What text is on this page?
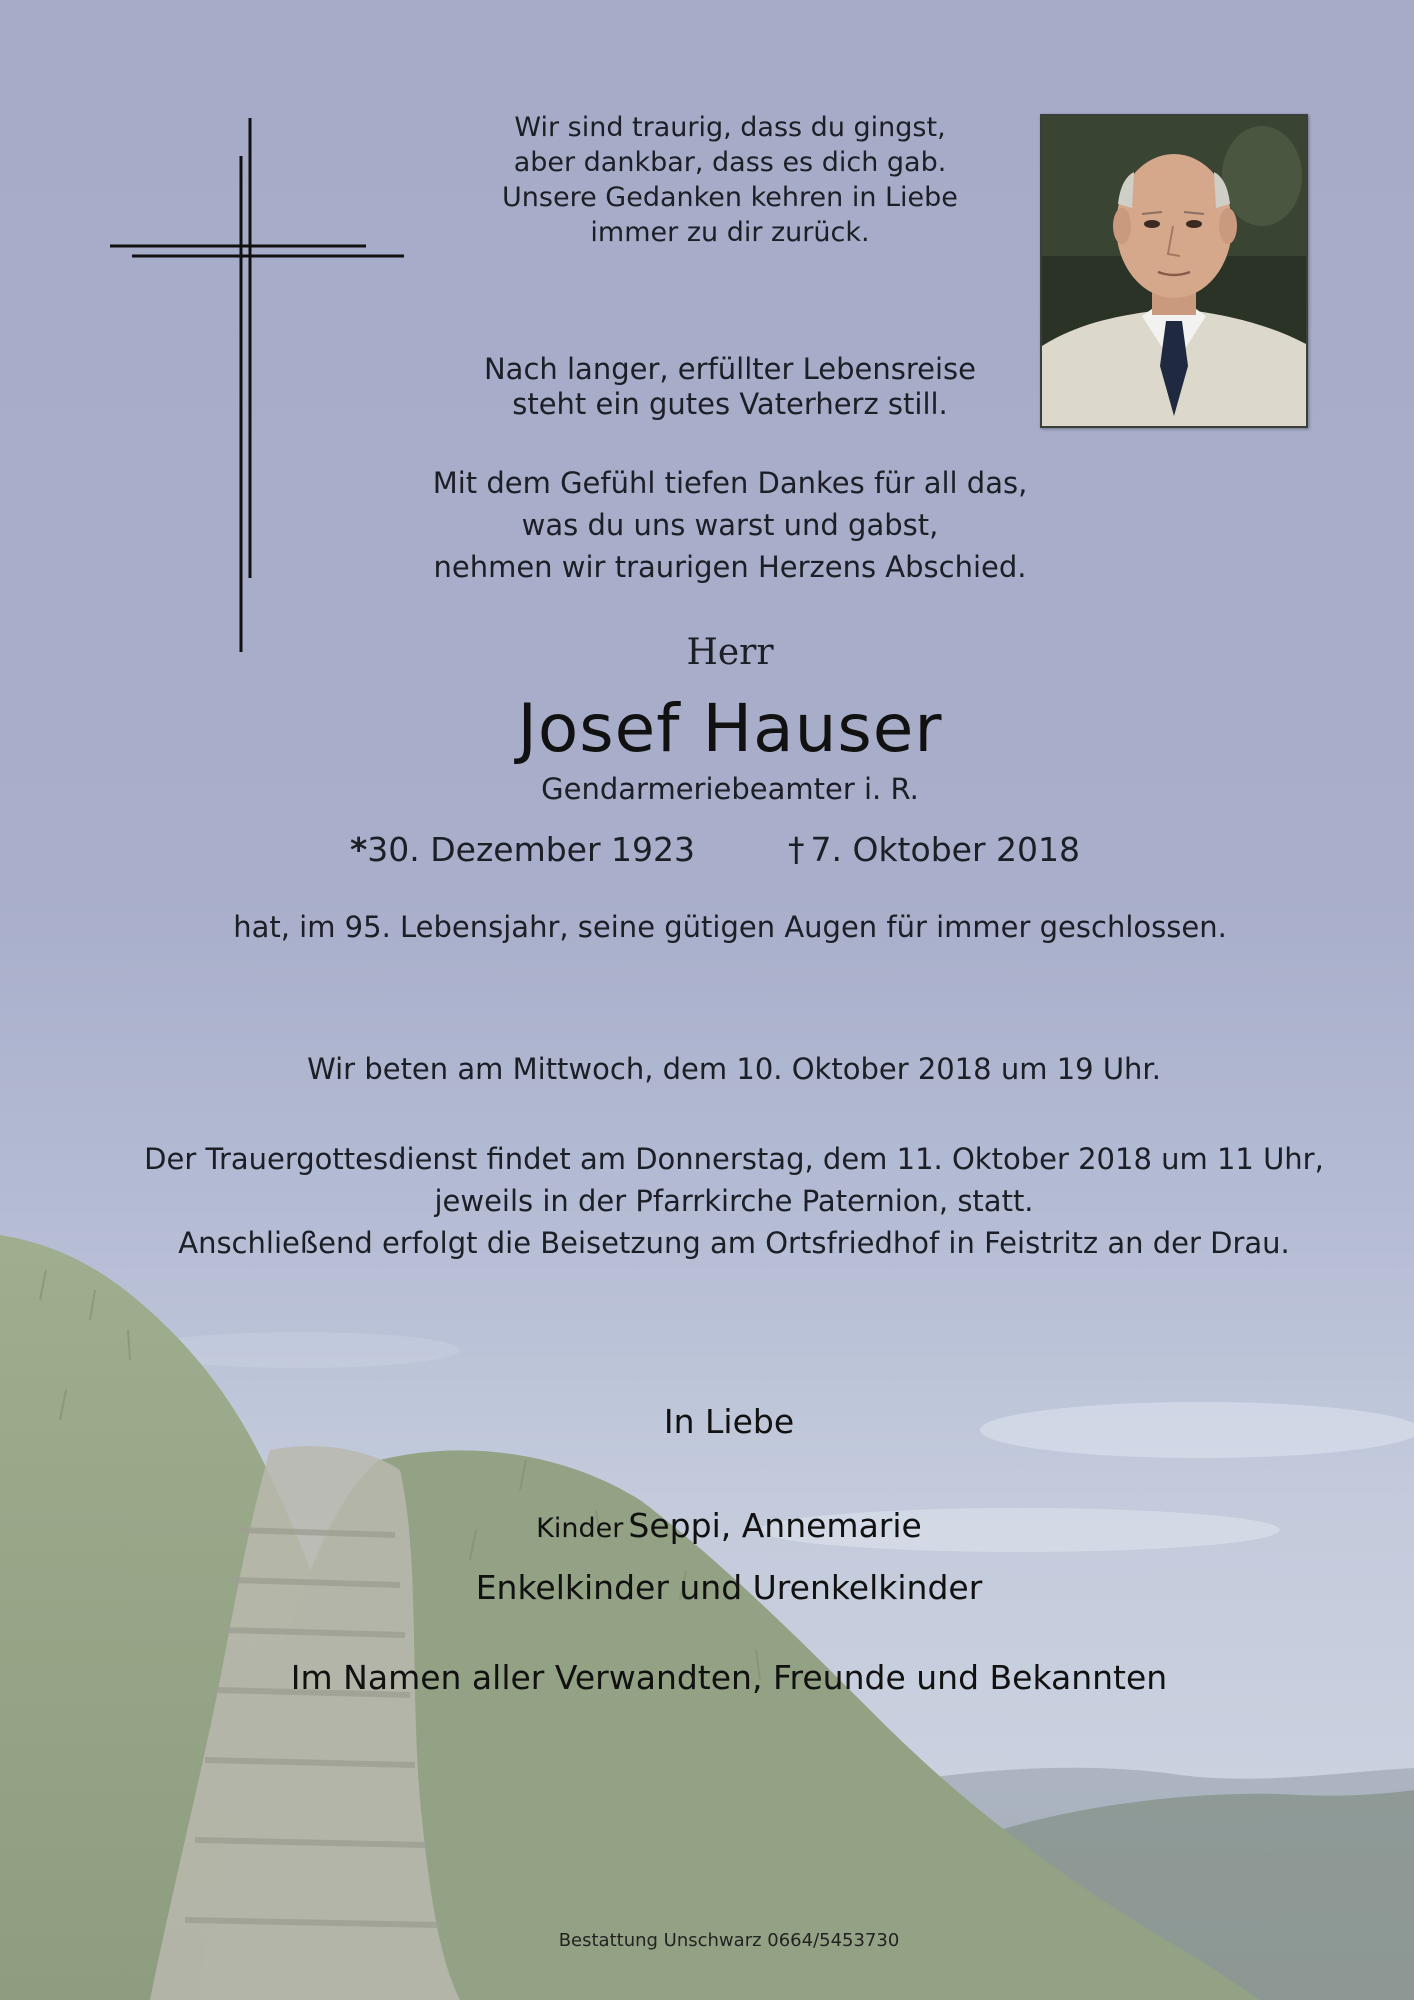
Wir sind traurig, dass du gingst,
aber dankbar, dass es dich gab.
Unsere Gedanken kehren in Liebe
immer zu dir zurück.
Nach langer, erfüllter Lebensreise
steht ein gutes Vaterherz still.
Mit dem Gefühl tiefen Dankes für all das,
was du uns warst und gabst,
nehmen wir traurigen Herzens Abschied.
Herr
Josef Hauser
Gendarmeriebeamter i. R.
*30. Dezember 1923	† 7. Oktober 2018
hat, im 95. Lebensjahr, seine gütigen Augen für immer geschlossen.
Wir beten am Mittwoch, dem 10. Oktober 2018 um 19 Uhr.
Der Trauergottesdienst findet am Donnerstag, dem 11. Oktober 2018 um 11 Uhr,
jeweils in der Pfarrkirche Paternion, statt.
Anschließend erfolgt die Beisetzung am Ortsfriedhof in Feistritz an der Drau.
In Liebe
Kinder Seppi, Annemarie
Enkelkinder und Urenkelkinder
Im Namen aller Verwandten, Freunde und Bekannten
Bestattung Unschwarz 0664/5453730
